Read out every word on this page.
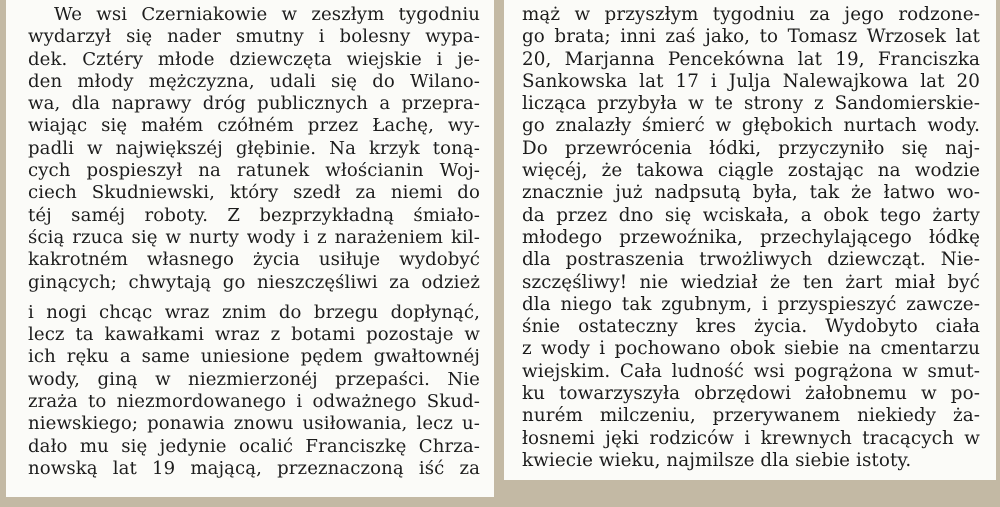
We wsi Czerniakowie w zeszłym tygodniu
wydarzył się nader smutny i bolesny wypa-
dek. Cztéry młode dziewczęta wiejskie i je-
den młody mężczyzna, udali się do Wilano-
wa, dla naprawy dróg publicznych a przepra-
wiając się małém czółném przez Łachę, wy-
padli w największéj głębinie. Na krzyk toną-
cych pospieszył na ratunek włościanin Woj-
ciech Skudniewski, który szedł za niemi do
téj saméj roboty. Z bezprzykładną śmiało-
ścią rzuca się w nurty wody i z narażeniem kil-
kakrotném własnego życia usiłuje wydobyć
ginących; chwytają go nieszczęśliwi za odzież
i nogi chcąc wraz znim do brzegu dopłynąć,
lecz ta kawałkami wraz z botami pozostaje w
ich ręku a same uniesione pędem gwałtownéj
wody, giną w niezmierzonéj przepaści. Nie
zraża to niezmordowanego i odważnego Skud-
niewskiego; ponawia znowu usiłowania, lecz u-
dało mu się jedynie ocalić Franciszkę Chrza-
nowską lat 19 mającą, przeznaczoną iść za
mąż w przyszłym tygodniu za jego rodzone-
go brata; inni zaś jako, to Tomasz Wrzosek lat
20, Marjanna Pencekówna lat 19, Franciszka
Sankowska lat 17 i Julja Nalewajkowa lat 20
licząca przybyła w te strony z Sandomierskie-
go znalazły śmierć w głębokich nurtach wody.
Do przewrócenia łódki, przyczyniło się naj-
więcéj, że takowa ciągle zostając na wodzie
znacznie już nadpsutą była, tak że łatwo wo-
da przez dno się wciskała, a obok tego żarty
młodego przewoźnika, przechylającego łódkę
dla postraszenia trwożliwych dziewcząt. Nie-
szczęśliwy! nie wiedział że ten żart miał być
dla niego tak zgubnym, i przyspieszyć zawcze-
śnie ostateczny kres życia. Wydobyto ciała
z wody i pochowano obok siebie na cmentarzu
wiejskim. Cała ludność wsi pogrążona w smut-
ku towarzyszyła obrzędowi żałobnemu w po-
nurém milczeniu, przerywanem niekiedy ża-
łosnemi jęki rodziców i krewnych tracących w
kwiecie wieku, najmilsze dla siebie istoty.
